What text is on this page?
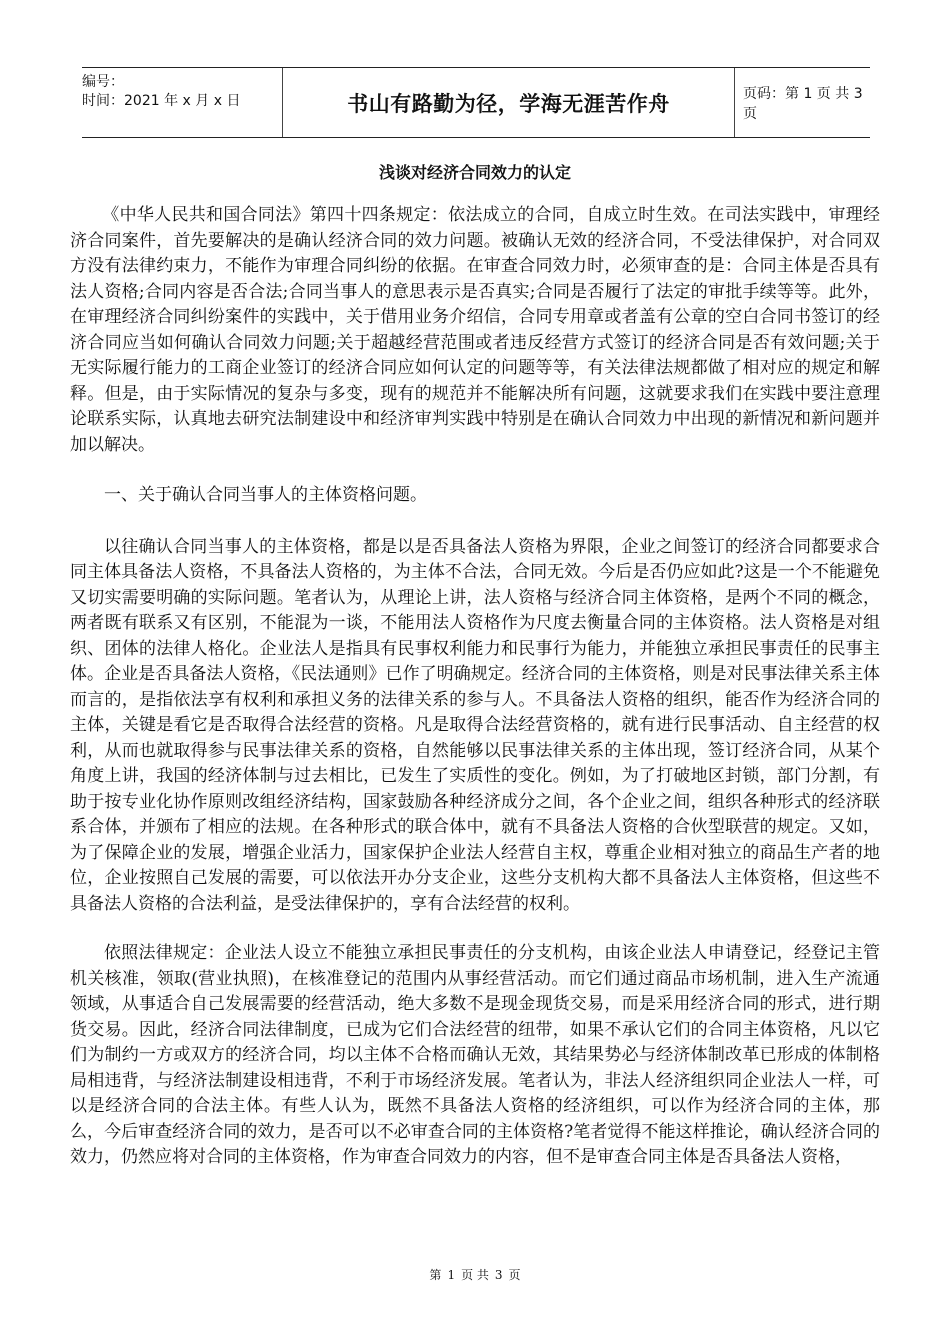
编号：
时间：2021 年 x 月 x 日	书山有路勤为径，学海无涯苦作舟	页码：第 1 页 共 3 页
浅谈对经济合同效力的认定

《中华人民共和国合同法》第四十四条规定：依法成立的合同，自成立时生效。在司法实践中，审理经济合同案件，首先要解决的是确认经济合同的效力问题。被确认无效的经济合同，不受法律保护，对合同双方没有法律约束力，不能作为审理合同纠纷的依据。在审查合同效力时，必须审查的是：合同主体是否具有法人资格;合同内容是否合法;合同当事人的意思表示是否真实;合同是否履行了法定的审批手续等等。此外，在审理经济合同纠纷案件的实践中，关于借用业务介绍信，合同专用章或者盖有公章的空白合同书签订的经济合同应当如何确认合同效力问题;关于超越经营范围或者违反经营方式签订的经济合同是否有效问题;关于无实际履行能力的工商企业签订的经济合同应如何认定的问题等等，有关法律法规都做了相对应的规定和解释。但是，由于实际情况的复杂与多变，现有的规范并不能解决所有问题，这就要求我们在实践中要注意理论联系实际，认真地去研究法制建设中和经济审判实践中特别是在确认合同效力中出现的新情况和新问题并加以解决。

一、关于确认合同当事人的主体资格问题。

以往确认合同当事人的主体资格，都是以是否具备法人资格为界限，企业之间签订的经济合同都要求合同主体具备法人资格，不具备法人资格的，为主体不合法，合同无效。今后是否仍应如此?这是一个不能避免又切实需要明确的实际问题。笔者认为，从理论上讲，法人资格与经济合同主体资格，是两个不同的概念，两者既有联系又有区别，不能混为一谈，不能用法人资格作为尺度去衡量合同的主体资格。法人资格是对组织、团体的法律人格化。企业法人是指具有民事权利能力和民事行为能力，并能独立承担民事责任的民事主体。企业是否具备法人资格，《民法通则》已作了明确规定。经济合同的主体资格，则是对民事法律关系主体而言的，是指依法享有权利和承担义务的法律关系的参与人。不具备法人资格的组织，能否作为经济合同的主体，关键是看它是否取得合法经营的资格。凡是取得合法经营资格的，就有进行民事活动、自主经营的权利，从而也就取得参与民事法律关系的资格，自然能够以民事法律关系的主体出现，签订经济合同，从某个角度上讲，我国的经济体制与过去相比，已发生了实质性的变化。例如，为了打破地区封锁，部门分割，有助于按专业化协作原则改组经济结构，国家鼓励各种经济成分之间，各个企业之间，组织各种形式的经济联系合体，并颁布了相应的法规。在各种形式的联合体中，就有不具备法人资格的合伙型联营的规定。又如，为了保障企业的发展，增强企业活力，国家保护企业法人经营自主权，尊重企业相对独立的商品生产者的地位，企业按照自己发展的需要，可以依法开办分支企业，这些分支机构大都不具备法人主体资格，但这些不具备法人资格的合法利益，是受法律保护的，享有合法经营的权利。

依照法律规定：企业法人设立不能独立承担民事责任的分支机构，由该企业法人申请登记，经登记主管机关核准，领取(营业执照)，在核准登记的范围内从事经营活动。而它们通过商品市场机制，进入生产流通领域，从事适合自己发展需要的经营活动，绝大多数不是现金现货交易，而是采用经济合同的形式，进行期货交易。因此，经济合同法律制度，已成为它们合法经营的纽带，如果不承认它们的合同主体资格，凡以它们为制约一方或双方的经济合同，均以主体不合格而确认无效，其结果势必与经济体制改革已形成的体制格局相违背，与经济法制建设相违背，不利于市场经济发展。笔者认为，非法人经济组织同企业法人一样，可以是经济合同的合法主体。有些人认为，既然不具备法人资格的经济组织，可以作为经济合同的主体，那么，今后审查经济合同的效力，是否可以不必审查合同的主体资格?笔者觉得不能这样推论，确认经济合同的效力，仍然应将对合同的主体资格，作为审查合同效力的内容，但不是审查合同主体是否具备法人资格，

第 1 页 共 3 页
